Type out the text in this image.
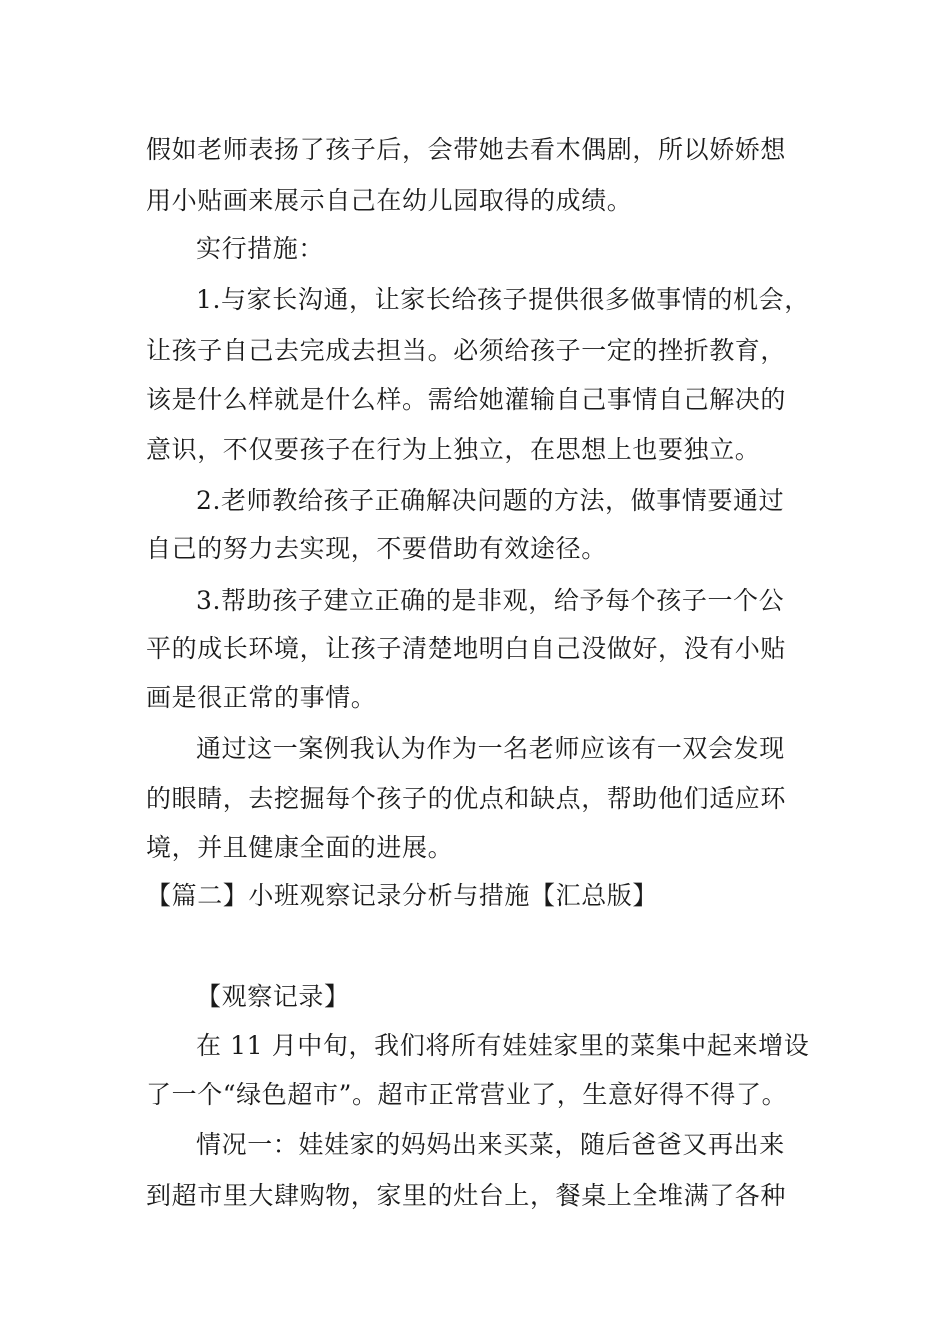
假如老师表扬了孩子后，会带她去看木偶剧，所以娇娇想
用小贴画来展示自己在幼儿园取得的成绩。
实行措施：
1.与家长沟通，让家长给孩子提供很多做事情的机会，
让孩子自己去完成去担当。必须给孩子一定的挫折教育，
该是什么样就是什么样。需给她灌输自己事情自己解决的
意识，不仅要孩子在行为上独立，在思想上也要独立。
2.老师教给孩子正确解决问题的方法，做事情要通过
自己的努力去实现，不要借助有效途径。
3.帮助孩子建立正确的是非观，给予每个孩子一个公
平的成长环境，让孩子清楚地明白自己没做好，没有小贴
画是很正常的事情。
通过这一案例我认为作为一名老师应该有一双会发现
的眼睛，去挖掘每个孩子的优点和缺点，帮助他们适应环
境，并且健康全面的进展。
【篇二】小班观察记录分析与措施【汇总版】
【观察记录】
在 11 月中旬，我们将所有娃娃家里的菜集中起来增设
了一个“绿色超市”。超市正常营业了，生意好得不得了。
情况一：娃娃家的妈妈出来买菜，随后爸爸又再出来
到超市里大肆购物，家里的灶台上，餐桌上全堆满了各种
